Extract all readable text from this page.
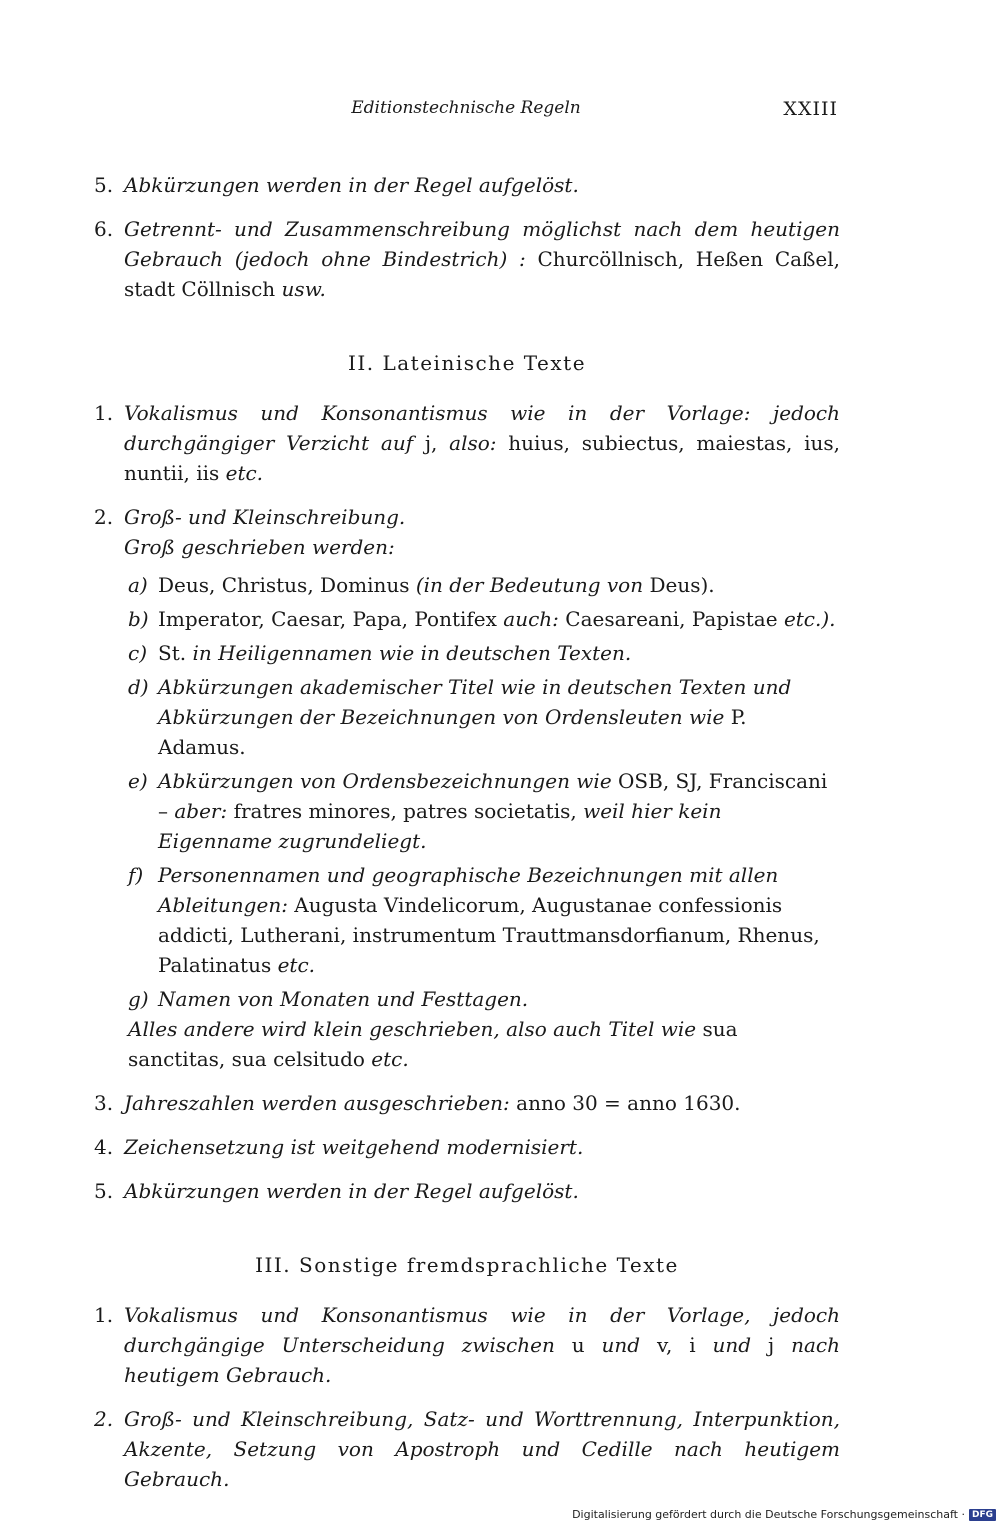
Editionstechnische Regeln	XXIII
5. Abkürzungen werden in der Regel aufgelöst.
6. Getrennt- und Zusammenschreibung möglichst nach dem heutigen Gebrauch (jedoch ohne Bindestrich) : Churcöllnisch, Heßen Caßel, stadt Cöllnisch usw.
II. Lateinische Texte
1. Vokalismus und Konsonantismus wie in der Vorlage: jedoch durchgängiger Verzicht auf j, also: huius, subiectus, maiestas, ius, nuntii, iis etc.
2. Groß- und Kleinschreibung.
Groß geschrieben werden:
a) Deus, Christus, Dominus (in der Bedeutung von Deus).
b) Imperator, Caesar, Papa, Pontifex auch: Caesareani, Papistae etc.).
c) St. in Heiligennamen wie in deutschen Texten.
d) Abkürzungen akademischer Titel wie in deutschen Texten und Abkürzungen der Bezeichnungen von Ordensleuten wie P. Adamus.
e) Abkürzungen von Ordensbezeichnungen wie OSB, SJ, Franciscani – aber: fratres minores, patres societatis, weil hier kein Eigenname zugrundeliegt.
f) Personennamen und geographische Bezeichnungen mit allen Ableitungen: Augusta Vindelicorum, Augustanae confessionis addicti, Lutherani, instrumentum Trauttmansdorfianum, Rhenus, Palatinatus etc.
g) Namen von Monaten und Festtagen.
Alles andere wird klein geschrieben, also auch Titel wie sua sanctitas, sua celsitudo etc.
3. Jahreszahlen werden ausgeschrieben: anno 30 = anno 1630.
4. Zeichensetzung ist weitgehend modernisiert.
5. Abkürzungen werden in der Regel aufgelöst.
III. Sonstige fremdsprachliche Texte
1. Vokalismus und Konsonantismus wie in der Vorlage, jedoch durchgängige Unterscheidung zwischen u und v, i und j nach heutigem Gebrauch.
2. Groß- und Kleinschreibung, Satz- und Worttrennung, Interpunktion, Akzente, Setzung von Apostroph und Cedille nach heutigem Gebrauch.
Digitalisierung gefördert durch die Deutsche Forschungsgemeinschaft · DFG
